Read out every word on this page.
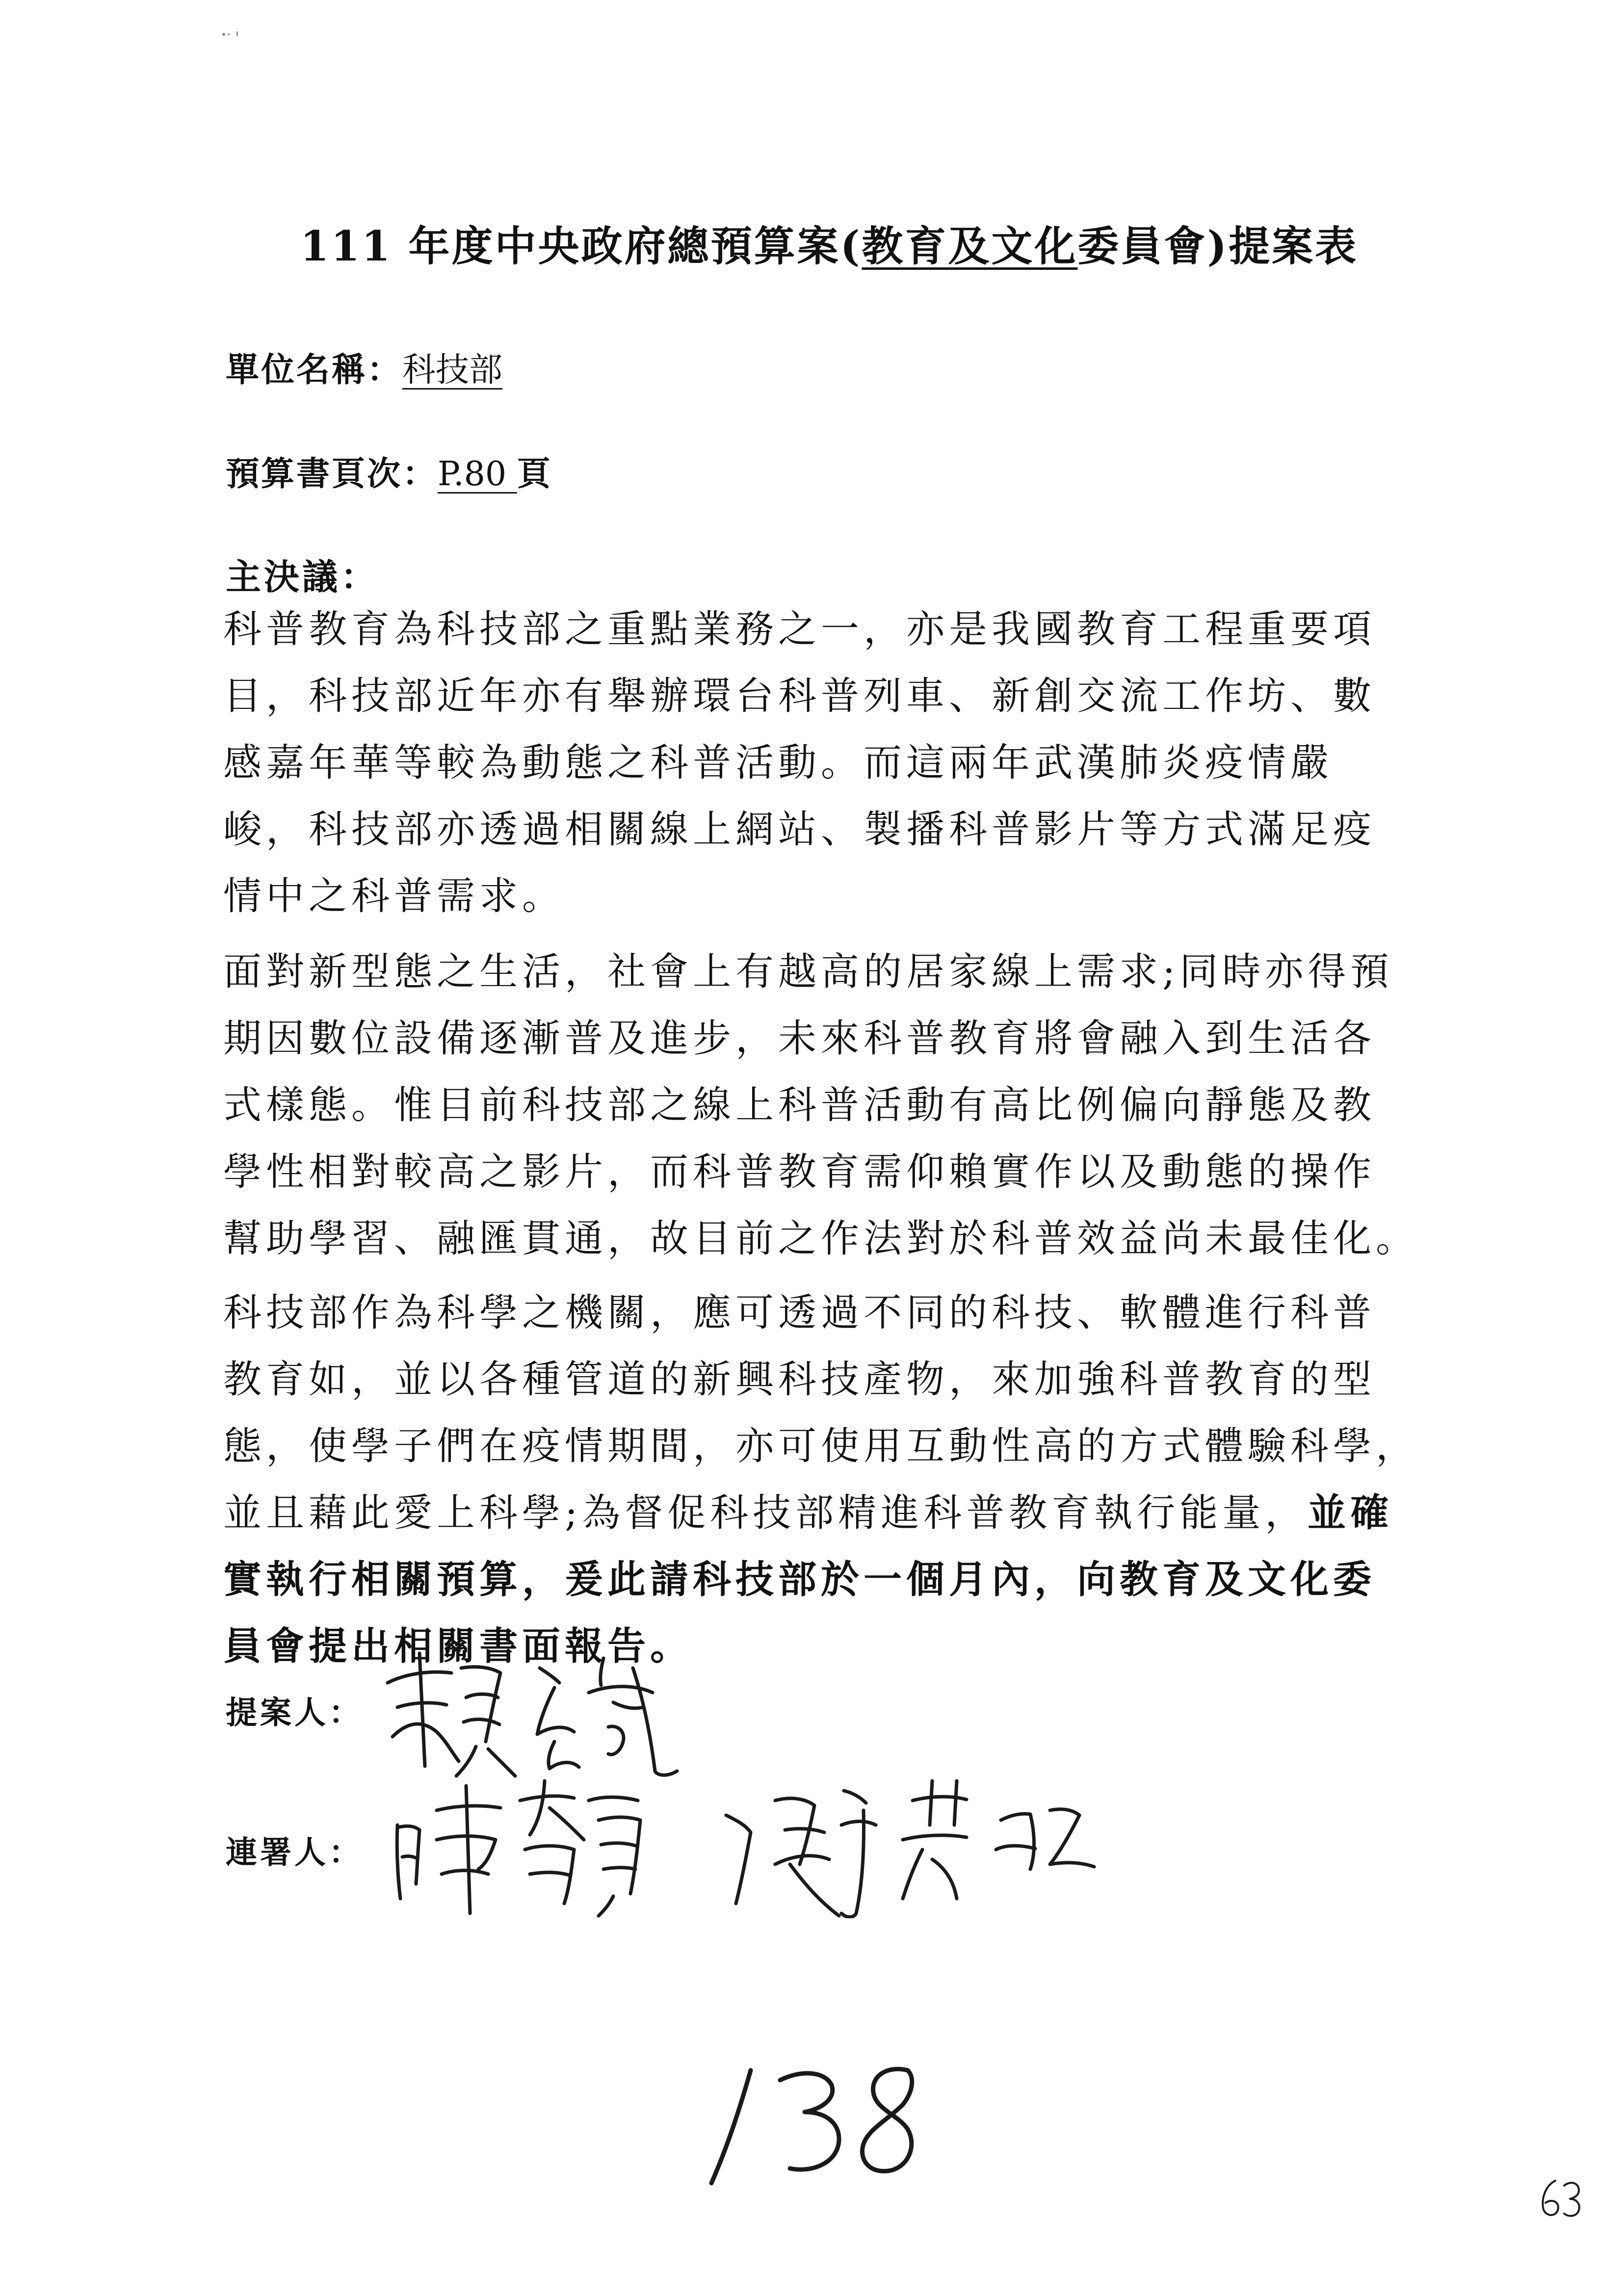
111 年度中央政府總預算案(教育及文化委員會)提案表
單位名稱：科技部
預算書頁次：P.80 頁
主決議：
科普教育為科技部之重點業務之一，亦是我國教育工程重要項
目，科技部近年亦有舉辦環台科普列車、新創交流工作坊、數
感嘉年華等較為動態之科普活動。而這兩年武漢肺炎疫情嚴
峻，科技部亦透過相關線上網站、製播科普影片等方式滿足疫
情中之科普需求。
面對新型態之生活，社會上有越高的居家線上需求;同時亦得預
期因數位設備逐漸普及進步，未來科普教育將會融入到生活各
式樣態。惟目前科技部之線上科普活動有高比例偏向靜態及教
學性相對較高之影片，而科普教育需仰賴實作以及動態的操作
幫助學習、融匯貫通，故目前之作法對於科普效益尚未最佳化。
科技部作為科學之機關，應可透過不同的科技、軟體進行科普
教育如，並以各種管道的新興科技產物，來加強科普教育的型
態，使學子們在疫情期間，亦可使用互動性高的方式體驗科學，
並且藉此愛上科學;為督促科技部精進科普教育執行能量，並確
實執行相關預算，爰此請科技部於一個月內，向教育及文化委
員會提出相關書面報告。
提案人：
連署人：
